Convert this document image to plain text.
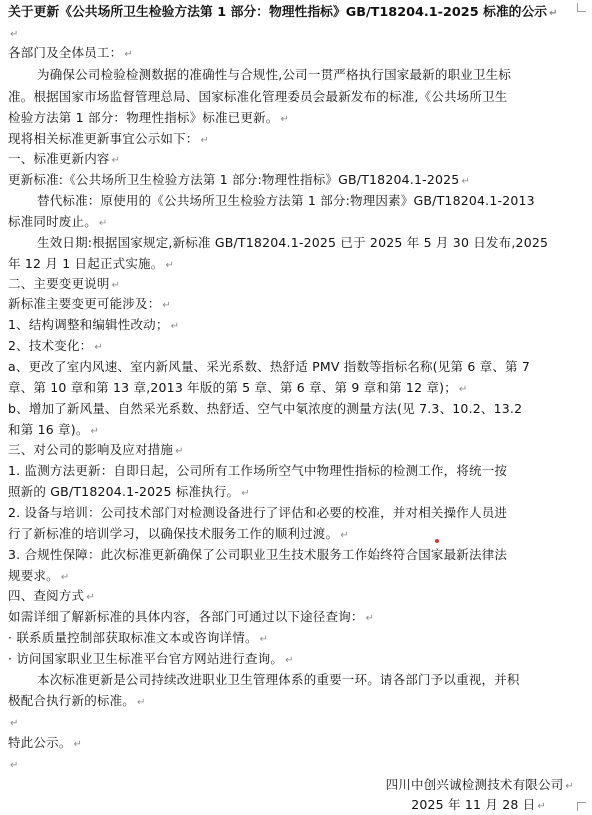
关于更新《公共场所卫生检验方法第 1 部分：物理性指标》GB/T18204.1-2025 标准的公示 ↵
↵
各部门及全体员工： ↵
为确保公司检验检测数据的准确性与合规性,公司一贯严格执行国家最新的职业卫生标
准。根据国家市场监督管理总局、国家标准化管理委员会最新发布的标准,《公共场所卫生
检验方法第 1 部分：物理性指标》标准已更新。 ↵
现将相关标准更新事宜公示如下： ↵
一、标准更新内容 ↵
更新标准:《公共场所卫生检验方法第 1 部分:物理性指标》GB/T18204.1-2025 ↵
替代标准：原使用的《公共场所卫生检验方法第 1 部分:物理因素》GB/T18204.1-2013
标准同时废止。 ↵
生效日期:根据国家规定,新标准 GB/T18204.1-2025 已于 2025 年 5 月 30 日发布,2025
年 12 月 1 日起正式实施。 ↵
二、主要变更说明 ↵
新标准主要变更可能涉及： ↵
1、结构调整和编辑性改动； ↵
2、技术变化： ↵
a、更改了室内风速、室内新风量、采光系数、热舒适 PMV 指数等指标名称(见第 6 章、第 7
章、第 10 章和第 13 章,2013 年版的第 5 章、第 6 章、第 9 章和第 12 章)； ↵
b、增加了新风量、自然采光系数、热舒适、空气中氡浓度的测量方法(见 7.3、10.2、13.2
和第 16 章)。 ↵
三、对公司的影响及应对措施 ↵
1. 监测方法更新：自即日起，公司所有工作场所空气中物理性指标的检测工作，将统一按
照新的 GB/T18204.1-2025 标准执行。 ↵
2. 设备与培训：公司技术部门对检测设备进行了评估和必要的校准，并对相关操作人员进
行了新标准的培训学习，以确保技术服务工作的顺利过渡。 ↵
3. 合规性保障：此次标准更新确保了公司职业卫生技术服务工作始终符合国家最新法律法
规要求。 ↵
四、查阅方式 ↵
如需详细了解新标准的具体内容，各部门可通过以下途径查询： ↵
· 联系质量控制部获取标准文本或咨询详情。 ↵
· 访问国家职业卫生标准平台官方网站进行查询。 ↵
本次标准更新是公司持续改进职业卫生管理体系的重要一环。请各部门予以重视，并积
极配合执行新的标准。 ↵
↵
特此公示。 ↵
↵
四川中创兴诚检测技术有限公司 ↵
2025 年 11 月 28 日 ↵
